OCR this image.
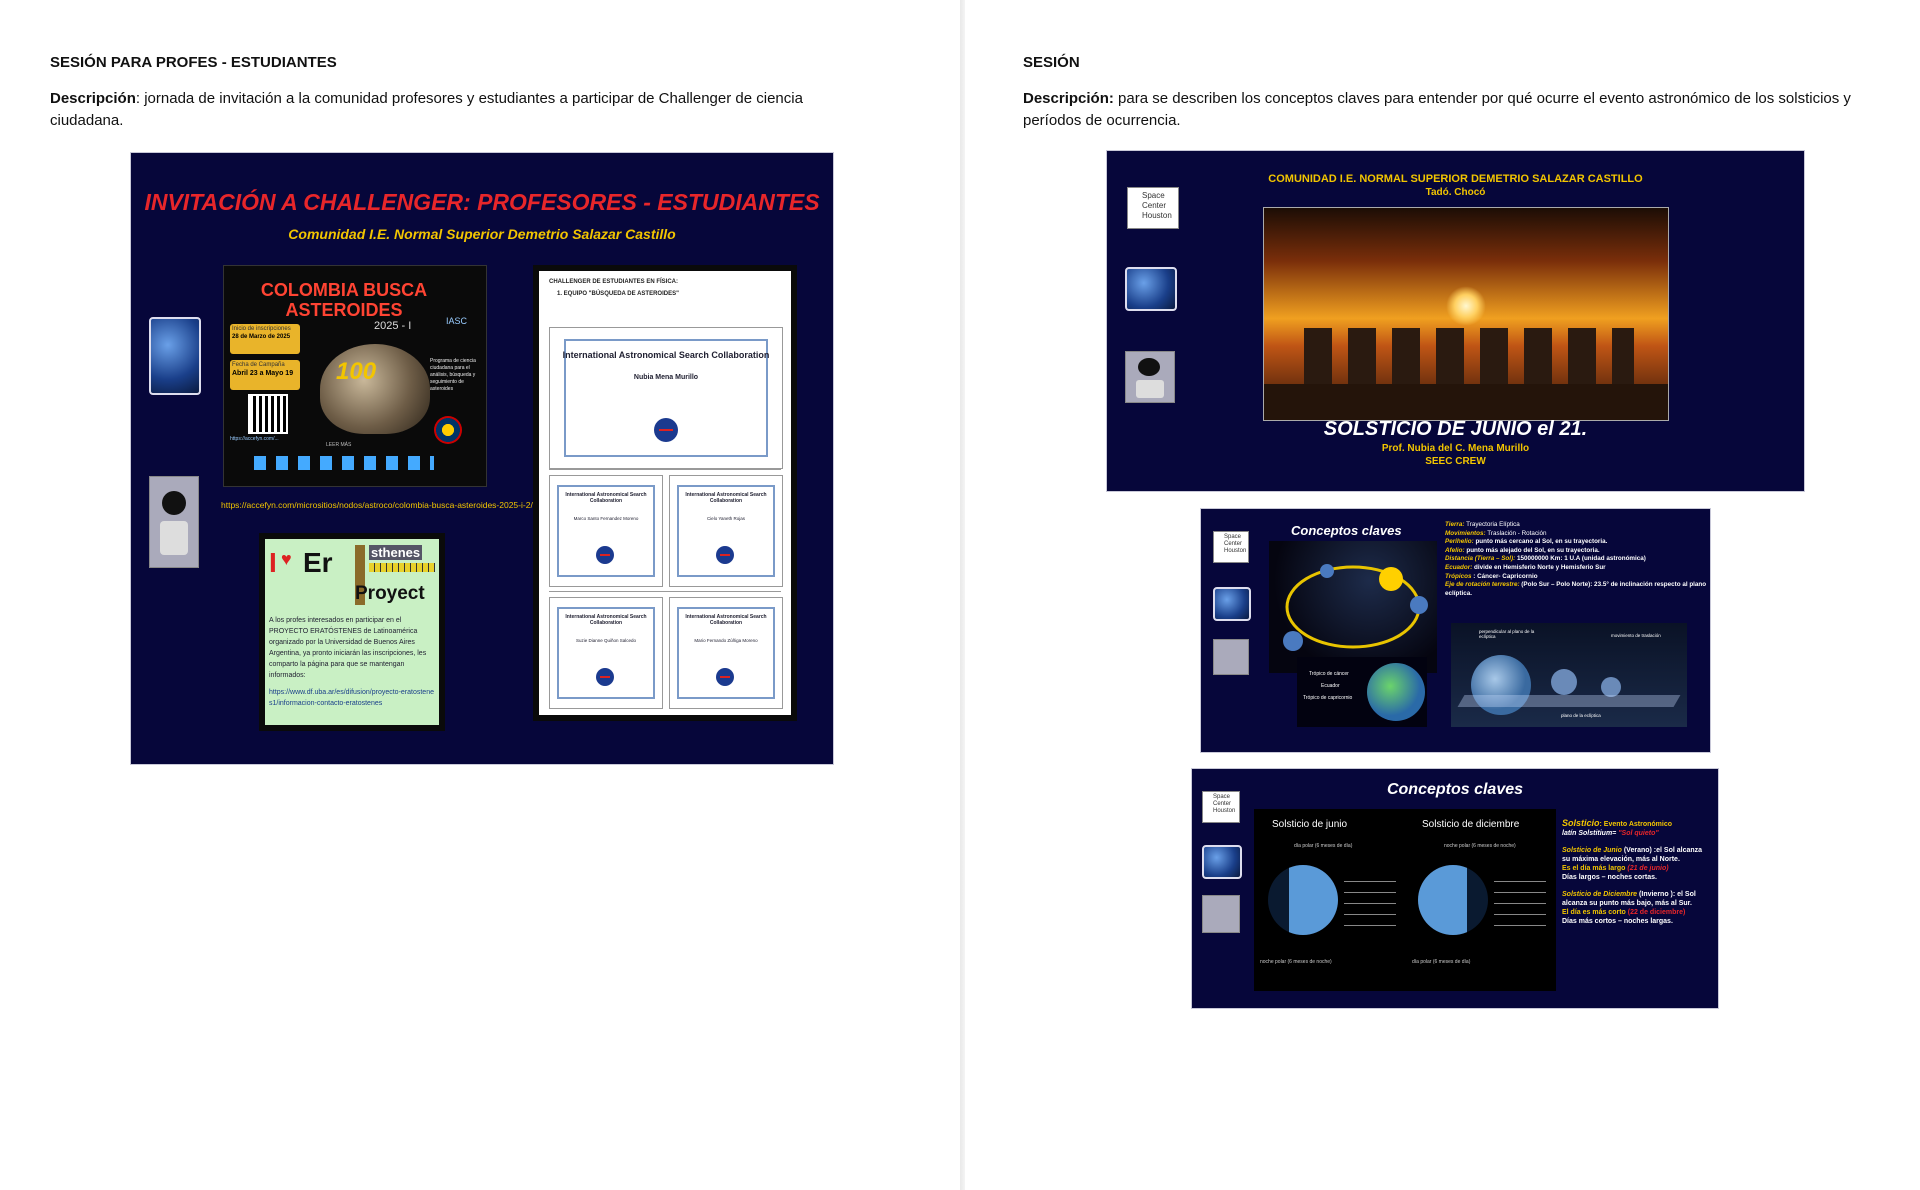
SESIÓN PARA PROFES - ESTUDIANTES
Descripción: jornada de invitación a la comunidad profesores y estudiantes a participar de Challenger de ciencia ciudadana.
INVITACIÓN A CHALLENGER: PROFESORES - ESTUDIANTES
Comunidad I.E. Normal Superior Demetrio Salazar Castillo
COLOMBIA BUSCA
ASTEROIDES
2025 - I	IASC
Inicio de inscripciones
28 de Marzo de 2025
Fecha de Campaña
Abril 23 a Mayo 19 100	Programa de ciencia ciudadana para el análisis, búsqueda y seguimiento de asteroides
https://accefyn.com/...
LEER MÁS
https://accefyn.com/micrositios/nodos/astroco/colombia-busca-asteroides-2025-i-2/
I ♥ Er	sthenes
Proyect
A los profes interesados en participar en el PROYECTO ERATÓSTENES de Latinoamérica organizado por la Universidad de Buenos Aires Argentina, ya pronto iniciarán las inscripciones, les comparto la página para que se mantengan informados:
https://www.df.uba.ar/es/difusion/proyecto-eratostenes1/informacion-contacto-eratostenes
CHALLENGER DE ESTUDIANTES EN FÍSICA:
1. EQUIPO "BÚSQUEDA DE ASTEROIDES"
International Astronomical Search Collaboration
Nubia Mena Murillo
International Astronomical Search Collaboration
Marco Santo Fernandez Moreno
International Astronomical Search Collaboration
Cielo Yaneth Rojas
International Astronomical Search Collaboration
Suzie Dianne Quiñon Salcedo
International Astronomical Search Collaboration
Mario Fernando Zúñiga Moreno
SESIÓN
Descripción: para se describen los conceptos claves para entender por qué ocurre el evento astronómico de los solsticios y períodos de ocurrencia.
Space Center Houston
COMUNIDAD I.E. NORMAL SUPERIOR DEMETRIO SALAZAR CASTILLO
Tadó. Chocó
SOLSTICIO DE JUNIO el 21.
Prof. Nubia del C. Mena Murillo
SEEC CREW
Space Center Houston
Conceptos claves
Trópico de cáncer
Ecuador
Trópico de capricornio
Tierra: Trayectoria Elíptica
Movimientos: Traslación - Rotación
Perihelio: punto más cercano al Sol, en su trayectoria.
Afelio: punto más alejado del Sol, en su trayectoria.
Distancia (Tierra – Sol): 150000000 Km: 1 U.A (unidad astronómica)
Ecuador: divide en Hemisferio Norte y Hemisferio Sur
Trópicos : Cáncer- Capricornio
Eje de rotación terrestre: (Polo Sur – Polo Norte): 23.5° de inclinación respecto al plano eclíptica.
perpendicular al plano de la eclíptica	movimiento de traslación
plano de la eclíptica
Space Center Houston
Conceptos claves
Solsticio de junio	Solsticio de diciembre
día polar (6 meses de día)	noche polar (6 meses de noche)
noche polar (6 meses de noche)	día polar (6 meses de día)
Solsticio: Evento Astronómico
latín Solstitium= "Sol quieto"
Solsticio de Junio (Verano) :el Sol alcanza su máxima elevación, más al Norte.
Es el día más largo (21 de junio)
Días largos – noches cortas.
Solsticio de Diciembre (Invierno ): el Sol alcanza su punto más bajo, más al Sur.
El día es más corto (22 de diciembre)
Días más cortos – noches largas.
